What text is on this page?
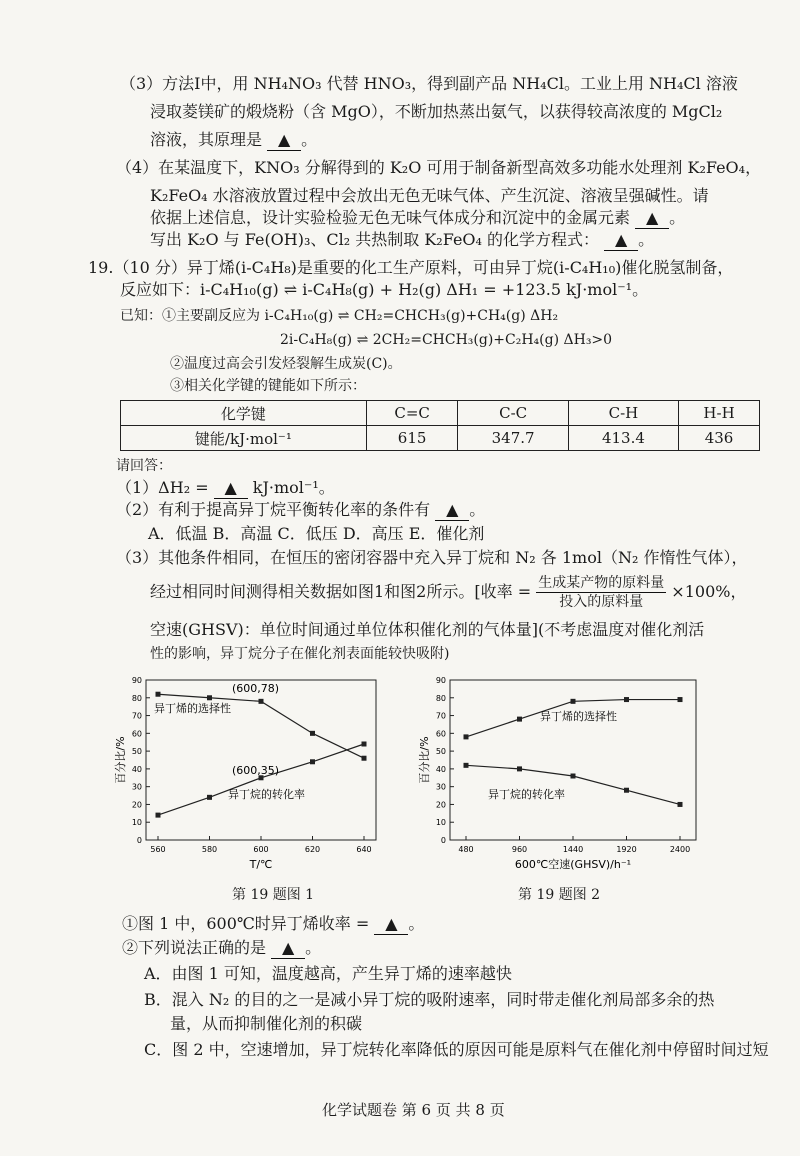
（3）方法Ⅰ中，用 NH₄NO₃ 代替 HNO₃，得到副产品 NH₄Cl。工业上用 NH₄Cl 溶液
浸取菱镁矿的煅烧粉（含 MgO），不断加热蒸出氨气，以获得较高浓度的 MgCl₂
溶液，其原理是 ▲ 。
（4）在某温度下，KNO₃ 分解得到的 K₂O 可用于制备新型高效多功能水处理剂 K₂FeO₄，
K₂FeO₄ 水溶液放置过程中会放出无色无味气体、产生沉淀、溶液呈强碱性。请
依据上述信息，设计实验检验无色无味气体成分和沉淀中的金属元素 ▲ 。
写出 K₂O 与 Fe(OH)₃、Cl₂ 共热制取 K₂FeO₄ 的化学方程式： ▲ 。
19.（10 分）异丁烯(i-C₄H₈)是重要的化工生产原料，可由异丁烷(i-C₄H₁₀)催化脱氢制备，
反应如下：i-C₄H₁₀(g) ⇌ i-C₄H₈(g) + H₂(g) ΔH₁ = +123.5 kJ·mol⁻¹。
已知：①主要副反应为 i-C₄H₁₀(g) ⇌ CH₂=CHCH₃(g)+CH₄(g) ΔH₂
2i-C₄H₈(g) ⇌ 2CH₂=CHCH₃(g)+C₂H₄(g) ΔH₃>0
②温度过高会引发烃裂解生成炭(C)。
③相关化学键的键能如下所示：
化学键	C=C	C-C	C-H	H-H
键能/kJ·mol⁻¹	615	347.7	413.4	436
请回答：
（1）ΔH₂ = ▲ kJ·mol⁻¹。
（2）有利于提高异丁烷平衡转化率的条件有 ▲ 。
A．低温 B．高温 C．低压 D．高压 E．催化剂
（3）其他条件相同，在恒压的密闭容器中充入异丁烷和 N₂ 各 1mol（N₂ 作惰性气体），
经过相同时间测得相关数据如图1和图2所示。[收率 = $\frac{\text{生成某产物的原料量}}{\text{投入的原料量}} \times 100\%$，
空速(GHSV)：单位时间通过单位体积催化剂的气体量](不考虑温度对催化剂活
性的影响，异丁烷分子在催化剂表面能较快吸附)
0
10
20
30
40
50
60
70
80
90
560	580	600	620	640
T/℃
百分比/%
异丁烯的选择性
异丁烷的转化率
(600,78)
(600,35)
第 19 题图 1
0
10
20
30
40
50
60
70
80
90
480	960	1440	1920	2400
600℃空速(GHSV)/h⁻¹
百分比/%
异丁烯的选择性
异丁烷的转化率
第 19 题图 2
①图 1 中，600℃时异丁烯收率 = ▲ 。
②下列说法正确的是 ▲ 。
A．由图 1 可知，温度越高，产生异丁烯的速率越快
B．混入 N₂ 的目的之一是减小异丁烷的吸附速率，同时带走催化剂局部多余的热
量，从而抑制催化剂的积碳
C．图 2 中，空速增加，异丁烷转化率降低的原因可能是原料气在催化剂中停留时间过短
化学试题卷 第 6 页 共 8 页
